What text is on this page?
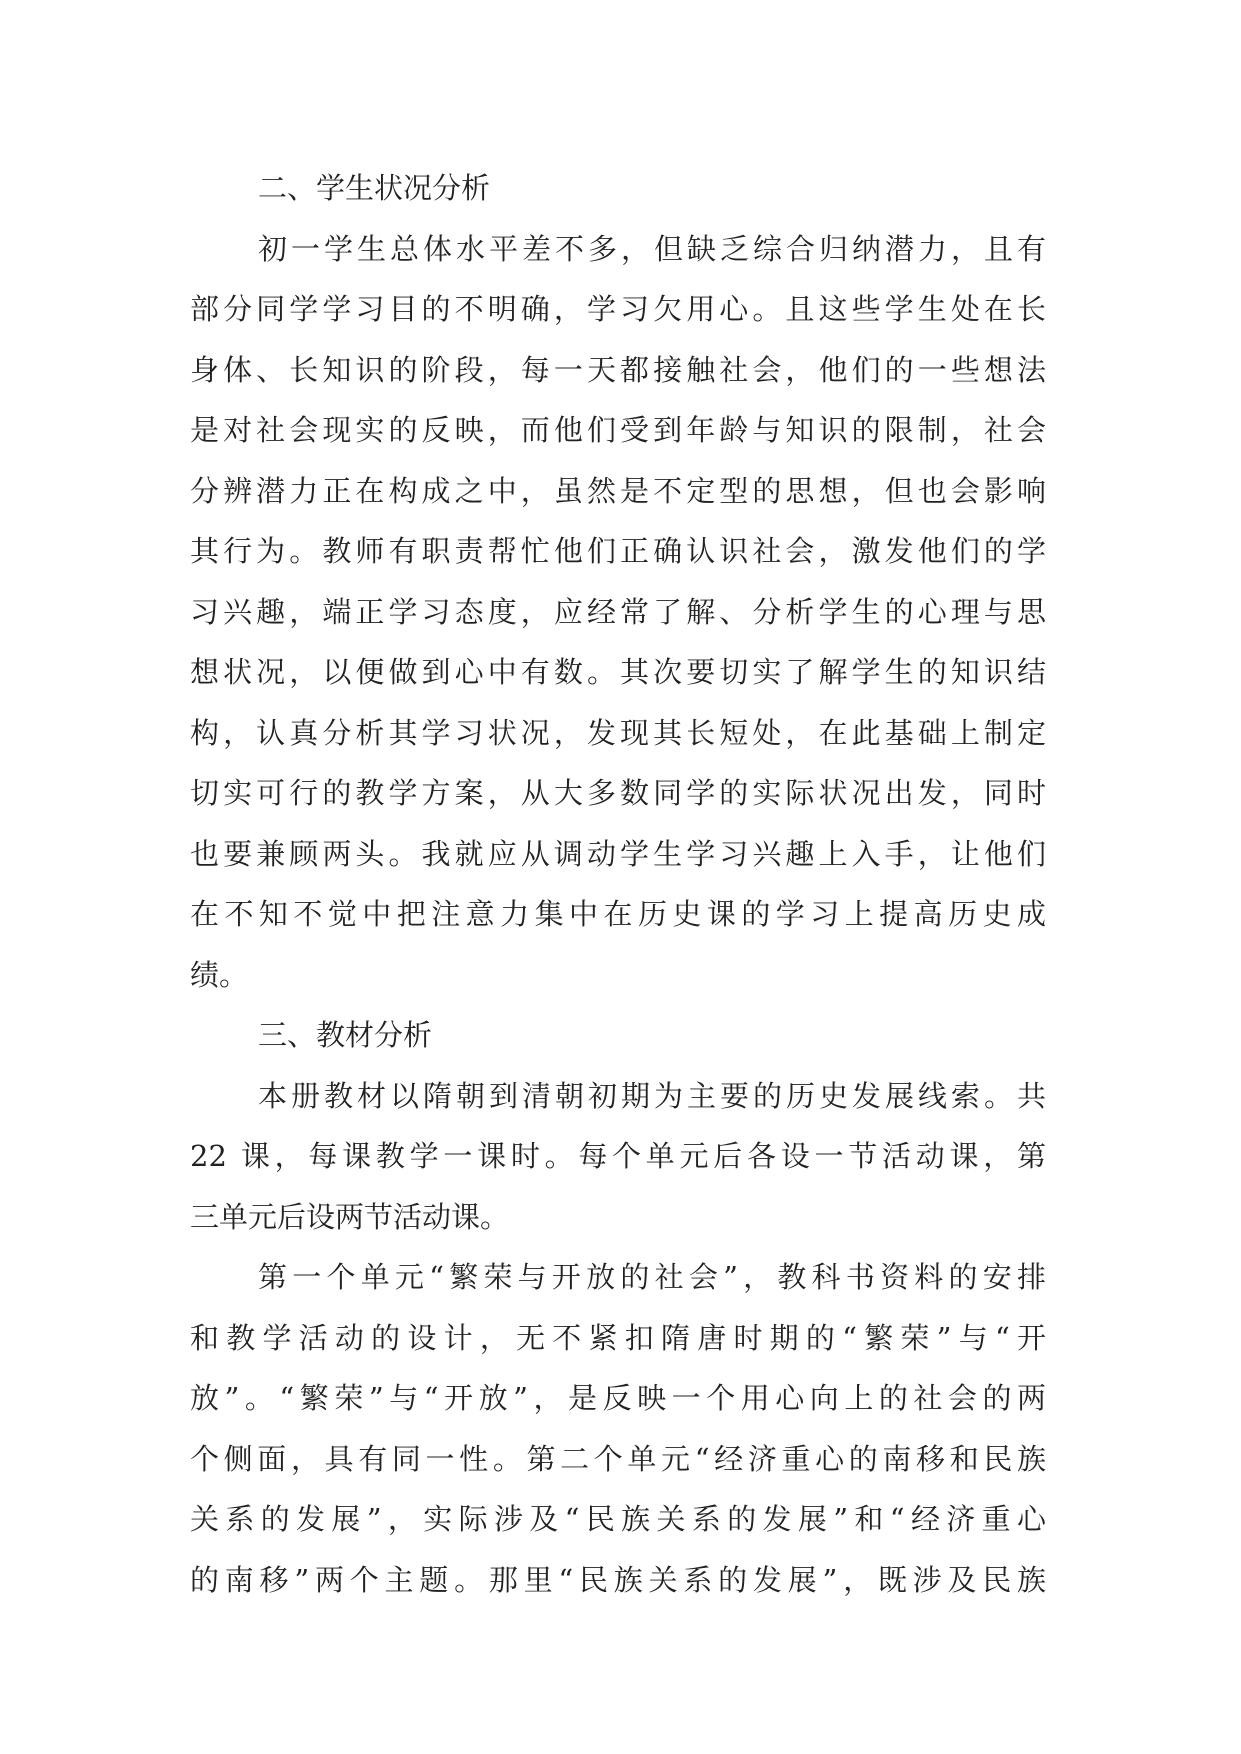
二、学生状况分析
初一学生总体水平差不多，但缺乏综合归纳潜力，且有
部分同学学习目的不明确，学习欠用心。且这些学生处在长
身体、长知识的阶段，每一天都接触社会，他们的一些想法
是对社会现实的反映，而他们受到年龄与知识的限制，社会
分辨潜力正在构成之中，虽然是不定型的思想，但也会影响
其行为。教师有职责帮忙他们正确认识社会，激发他们的学
习兴趣，端正学习态度，应经常了解、分析学生的心理与思
想状况，以便做到心中有数。其次要切实了解学生的知识结
构，认真分析其学习状况，发现其长短处，在此基础上制定
切实可行的教学方案，从大多数同学的实际状况出发，同时
也要兼顾两头。我就应从调动学生学习兴趣上入手，让他们
在不知不觉中把注意力集中在历史课的学习上提高历史成
绩。
三、教材分析
本册教材以隋朝到清朝初期为主要的历史发展线索。共
22 课，每课教学一课时。每个单元后各设一节活动课，第
三单元后设两节活动课。
第一个单元“繁荣与开放的社会”，教科书资料的安排
和教学活动的设计，无不紧扣隋唐时期的“繁荣”与“开
放”。“繁荣”与“开放”，是反映一个用心向上的社会的两
个侧面，具有同一性。第二个单元“经济重心的南移和民族
关系的发展”，实际涉及“民族关系的发展”和“经济重心
的南移”两个主题。那里“民族关系的发展”，既涉及民族
